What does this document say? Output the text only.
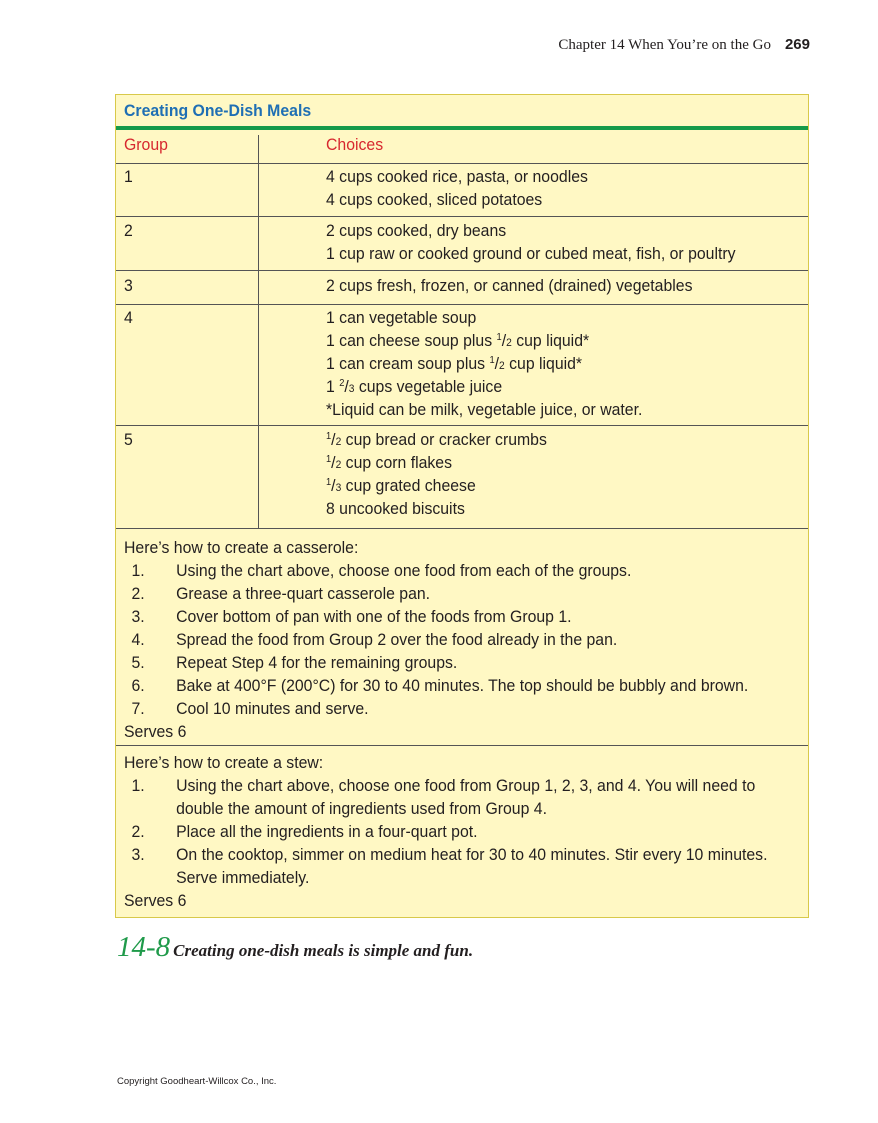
Chapter 14 When You’re on the Go 269
Creating One-Dish Meals
Group	Choices
1	4 cups cooked rice, pasta, or noodles
4 cups cooked, sliced potatoes
2	2 cups cooked, dry beans
1 cup raw or cooked ground or cubed meat, fish, or poultry
3	2 cups fresh, frozen, or canned (drained) vegetables
4	1 can vegetable soup
1 can cheese soup plus $^1$/2 cup liquid*
1 can cream soup plus $^1$/2 cup liquid*
1 $^2$/3 cups vegetable juice
*Liquid can be milk, vegetable juice, or water.
5	$^1$/2 cup bread or cracker crumbs
$^1$/2 cup corn flakes
$^1$/3 cup grated cheese
8 uncooked biscuits
Here’s how to create a casserole:
1. Using the chart above, choose one food from each of the groups.
2. Grease a three-quart casserole pan.
3. Cover bottom of pan with one of the foods from Group 1.
4. Spread the food from Group 2 over the food already in the pan.
5. Repeat Step 4 for the remaining groups.
6. Bake at 400°F (200°C) for 30 to 40 minutes. The top should be bubbly and brown.
7. Cool 10 minutes and serve.
Serves 6
Here’s how to create a stew:
1. Using the chart above, choose one food from Group 1, 2, 3, and 4. You will need to
double the amount of ingredients used from Group 4.
2. Place all the ingredients in a four-quart pot.
3. On the cooktop, simmer on medium heat for 30 to 40 minutes. Stir every 10 minutes.
Serve immediately.
Serves 6
14-8 Creating one-dish meals is simple and fun.
Copyright Goodheart-Willcox Co., Inc.
